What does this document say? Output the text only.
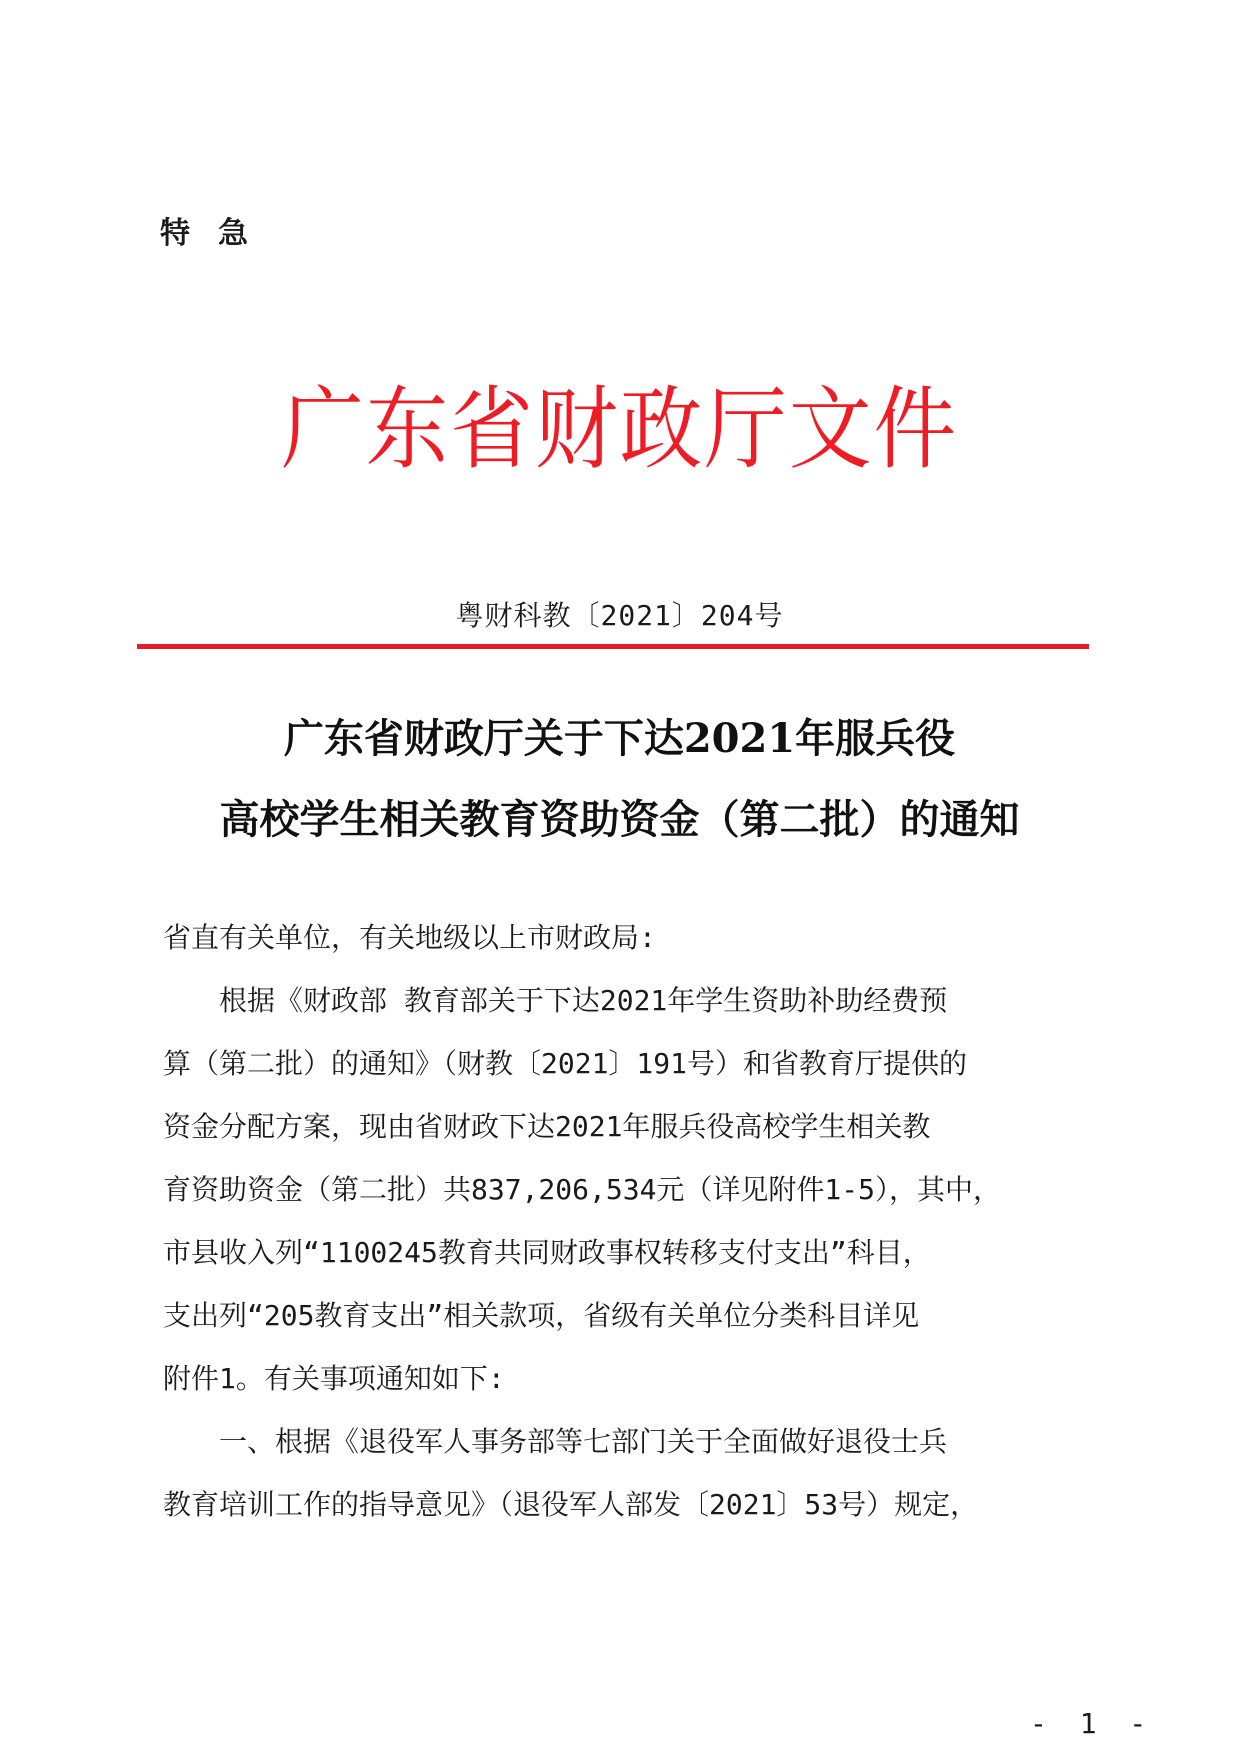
特急
广东省财政厅文件
粤财科教〔2021〕204号
广东省财政厅关于下达2021年服兵役
高校学生相关教育资助资金（第二批）的通知
省直有关单位，有关地级以上市财政局:
　　根据《财政部 教育部关于下达2021年学生资助补助经费预
算（第二批）的通知》（财教〔2021〕191号）和省教育厅提供的
资金分配方案，现由省财政下达2021年服兵役高校学生相关教
育资助资金（第二批）共837,206,534元（详见附件1-5），其中，
市县收入列“1100245教育共同财政事权转移支付支出”科目，
支出列“205教育支出”相关款项，省级有关单位分类科目详见
附件1。有关事项通知如下:
　　一、根据《退役军人事务部等七部门关于全面做好退役士兵
教育培训工作的指导意见》（退役军人部发〔2021〕53号）规定，
- 1 -
